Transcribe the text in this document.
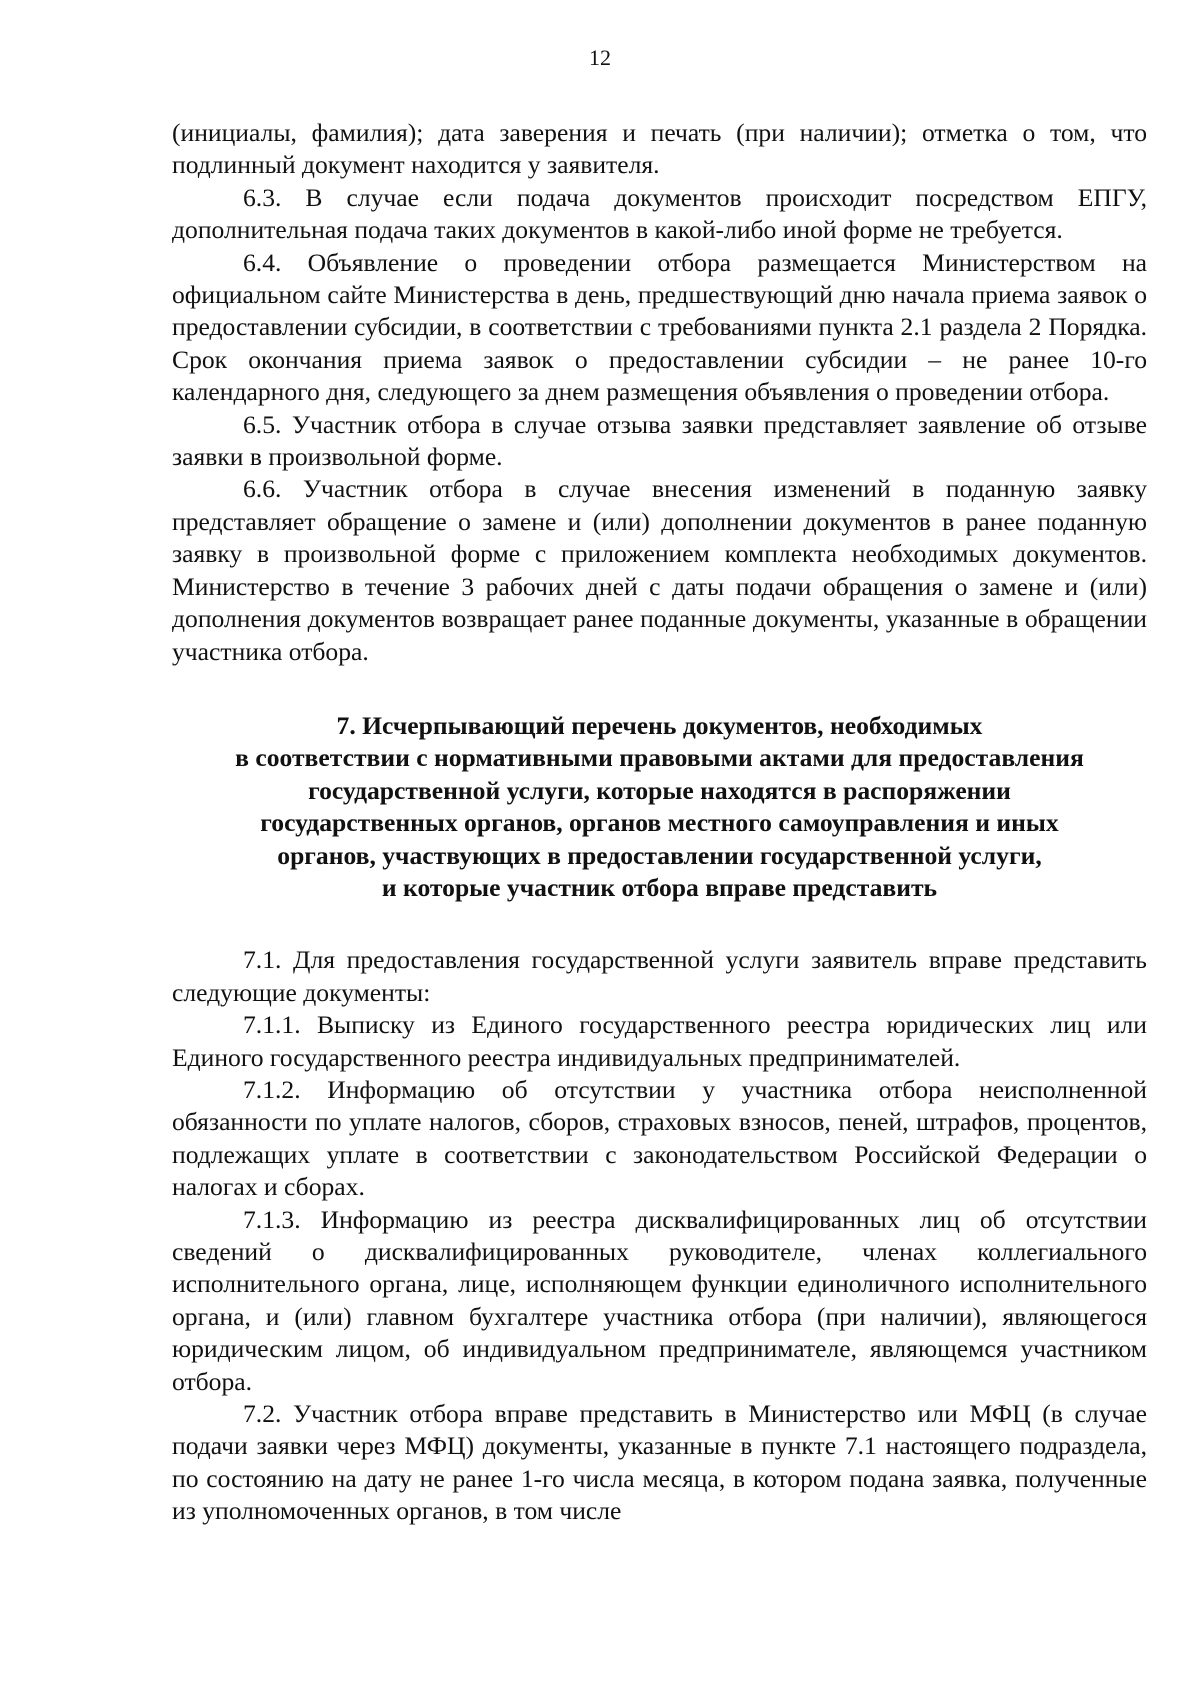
12

(инициалы, фамилия); дата заверения и печать (при наличии); отметка о том, что подлинный документ находится у заявителя.

6.3. В случае если подача документов происходит посредством ЕПГУ, дополнительная подача таких документов в какой-либо иной форме не требуется.

6.4. Объявление о проведении отбора размещается Министерством на официальном сайте Министерства в день, предшествующий дню начала приема заявок о предоставлении субсидии, в соответствии с требованиями пункта 2.1 раздела 2 Порядка. Срок окончания приема заявок о предоставлении субсидии – не ранее 10-го календарного дня, следующего за днем размещения объявления о проведении отбора.

6.5. Участник отбора в случае отзыва заявки представляет заявление об отзыве заявки в произвольной форме.

6.6. Участник отбора в случае внесения изменений в поданную заявку представляет обращение о замене и (или) дополнении документов в ранее поданную заявку в произвольной форме с приложением комплекта необходимых документов. Министерство в течение 3 рабочих дней с даты подачи обращения о замене и (или) дополнения документов возвращает ранее поданные документы, указанные в обращении участника отбора.

7. Исчерпывающий перечень документов, необходимых
в соответствии с нормативными правовыми актами для предоставления
государственной услуги, которые находятся в распоряжении
государственных органов, органов местного самоуправления и иных
органов, участвующих в предоставлении государственной услуги,
и которые участник отбора вправе представить

7.1. Для предоставления государственной услуги заявитель вправе представить следующие документы:

7.1.1. Выписку из Единого государственного реестра юридических лиц или Единого государственного реестра индивидуальных предпринимателей.

7.1.2. Информацию об отсутствии у участника отбора неисполненной обязанности по уплате налогов, сборов, страховых взносов, пеней, штрафов, процентов, подлежащих уплате в соответствии с законодательством Российской Федерации о налогах и сборах.

7.1.3. Информацию из реестра дисквалифицированных лиц об отсутствии сведений о дисквалифицированных руководителе, членах коллегиального исполнительного органа, лице, исполняющем функции единоличного исполнительного органа, и (или) главном бухгалтере участника отбора (при наличии), являющегося юридическим лицом, об индивидуальном предпринимателе, являющемся участником отбора.

7.2. Участник отбора вправе представить в Министерство или МФЦ (в случае подачи заявки через МФЦ) документы, указанные в пункте 7.1 настоящего подраздела, по состоянию на дату не ранее 1-го числа месяца, в котором подана заявка, полученные из уполномоченных органов, в том числе
